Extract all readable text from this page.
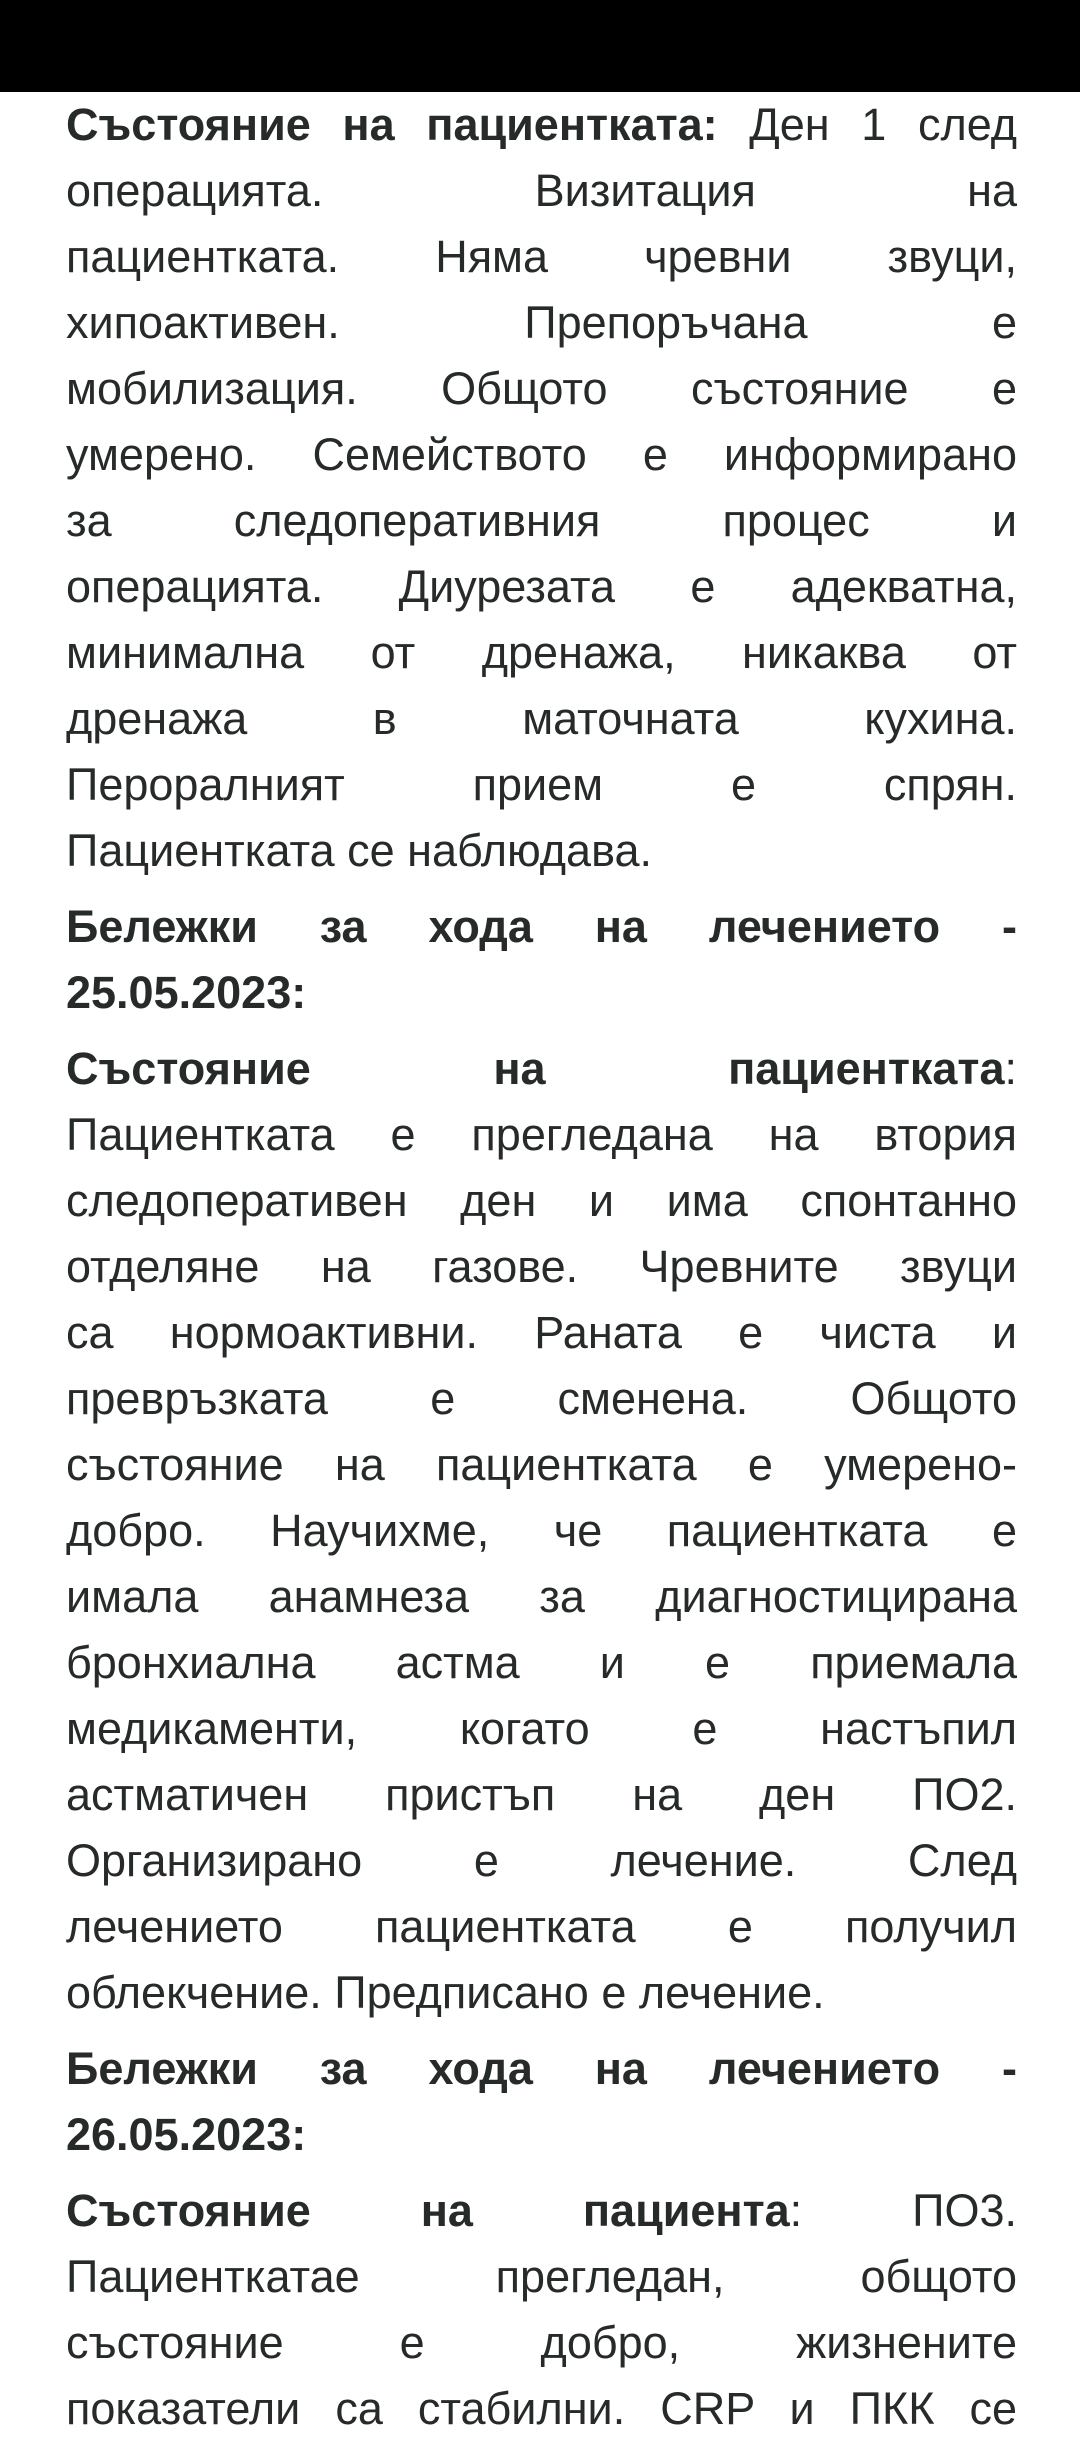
Състояние на пациентката: Ден 1 след
операцията. Визитация на
пациентката. Няма чревни звуци,
хипоактивен. Препоръчана е
мобилизация. Общото състояние е
умерено. Семейството е информирано
за следоперативния процес и
операцията. Диурезата е адекватна,
минимална от дренажа, никаква от
дренажа в маточната кухина.
Пероралният прием е спрян.
Пациентката се наблюдава.
Бележки за хода на лечението -
25.05.2023:
Състояние на пациентката:
Пациентката е прегледана на втория
следоперативен ден и има спонтанно
отделяне на газове. Чревните звуци
са нормоактивни. Раната е чиста и
превръзката е сменена. Общото
състояние на пациентката е умерено-
добро. Научихме, че пациентката е
имала анамнеза за диагностицирана
бронхиална астма и е приемала
медикаменти, когато е настъпил
астматичен пристъп на ден ПО2.
Организирано е лечение. След
лечението пациентката е получил
облекчение. Предписано е лечение.
Бележки за хода на лечението -
26.05.2023:
Състояние на пациента: ПО3.
Пациенткатае прегледан, общото
състояние е добро, жизнените
показатели са стабилни. CRP и ПКК се
